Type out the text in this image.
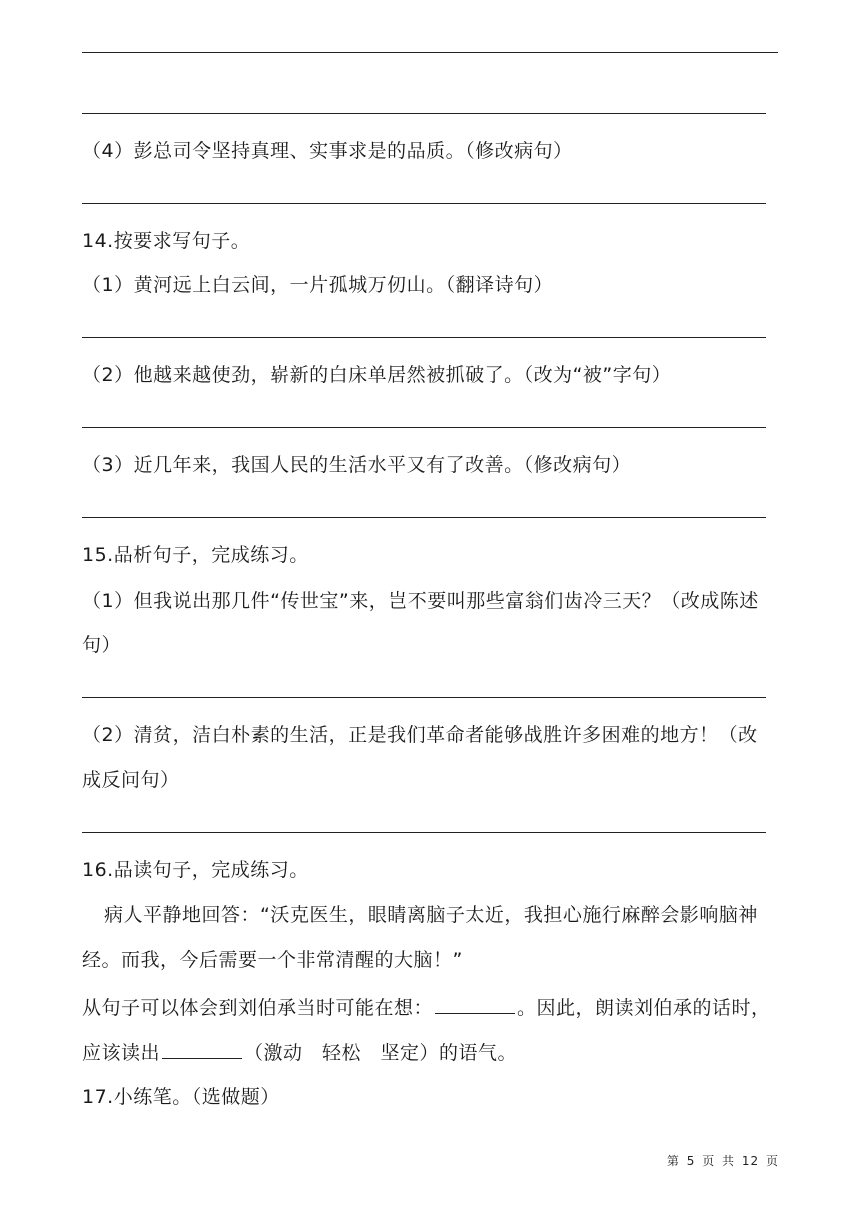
（4）彭总司令坚持真理、实事求是的品质。（修改病句）
14.按要求写句子。
（1）黄河远上白云间，一片孤城万仞山。（翻译诗句）
（2）他越来越使劲，崭新的白床单居然被抓破了。（改为“被”字句）
（3）近几年来，我国人民的生活水平又有了改善。（修改病句）
15.品析句子，完成练习。
（1）但我说出那几件“传世宝”来，岂不要叫那些富翁们齿冷三天？（改成陈述
句）
（2）清贫，洁白朴素的生活，正是我们革命者能够战胜许多困难的地方！（改
成反问句）
16.品读句子，完成练习。
病人平静地回答：“沃克医生，眼睛离脑子太近，我担心施行麻醉会影响脑神
经。而我，今后需要一个非常清醒的大脑！”
从句子可以体会到刘伯承当时可能在想：	。因此，朗读刘伯承的话时，
应该读出	（激动　轻松　坚定）的语气。
17.小练笔。（选做题）
第 5 页 共 12 页
